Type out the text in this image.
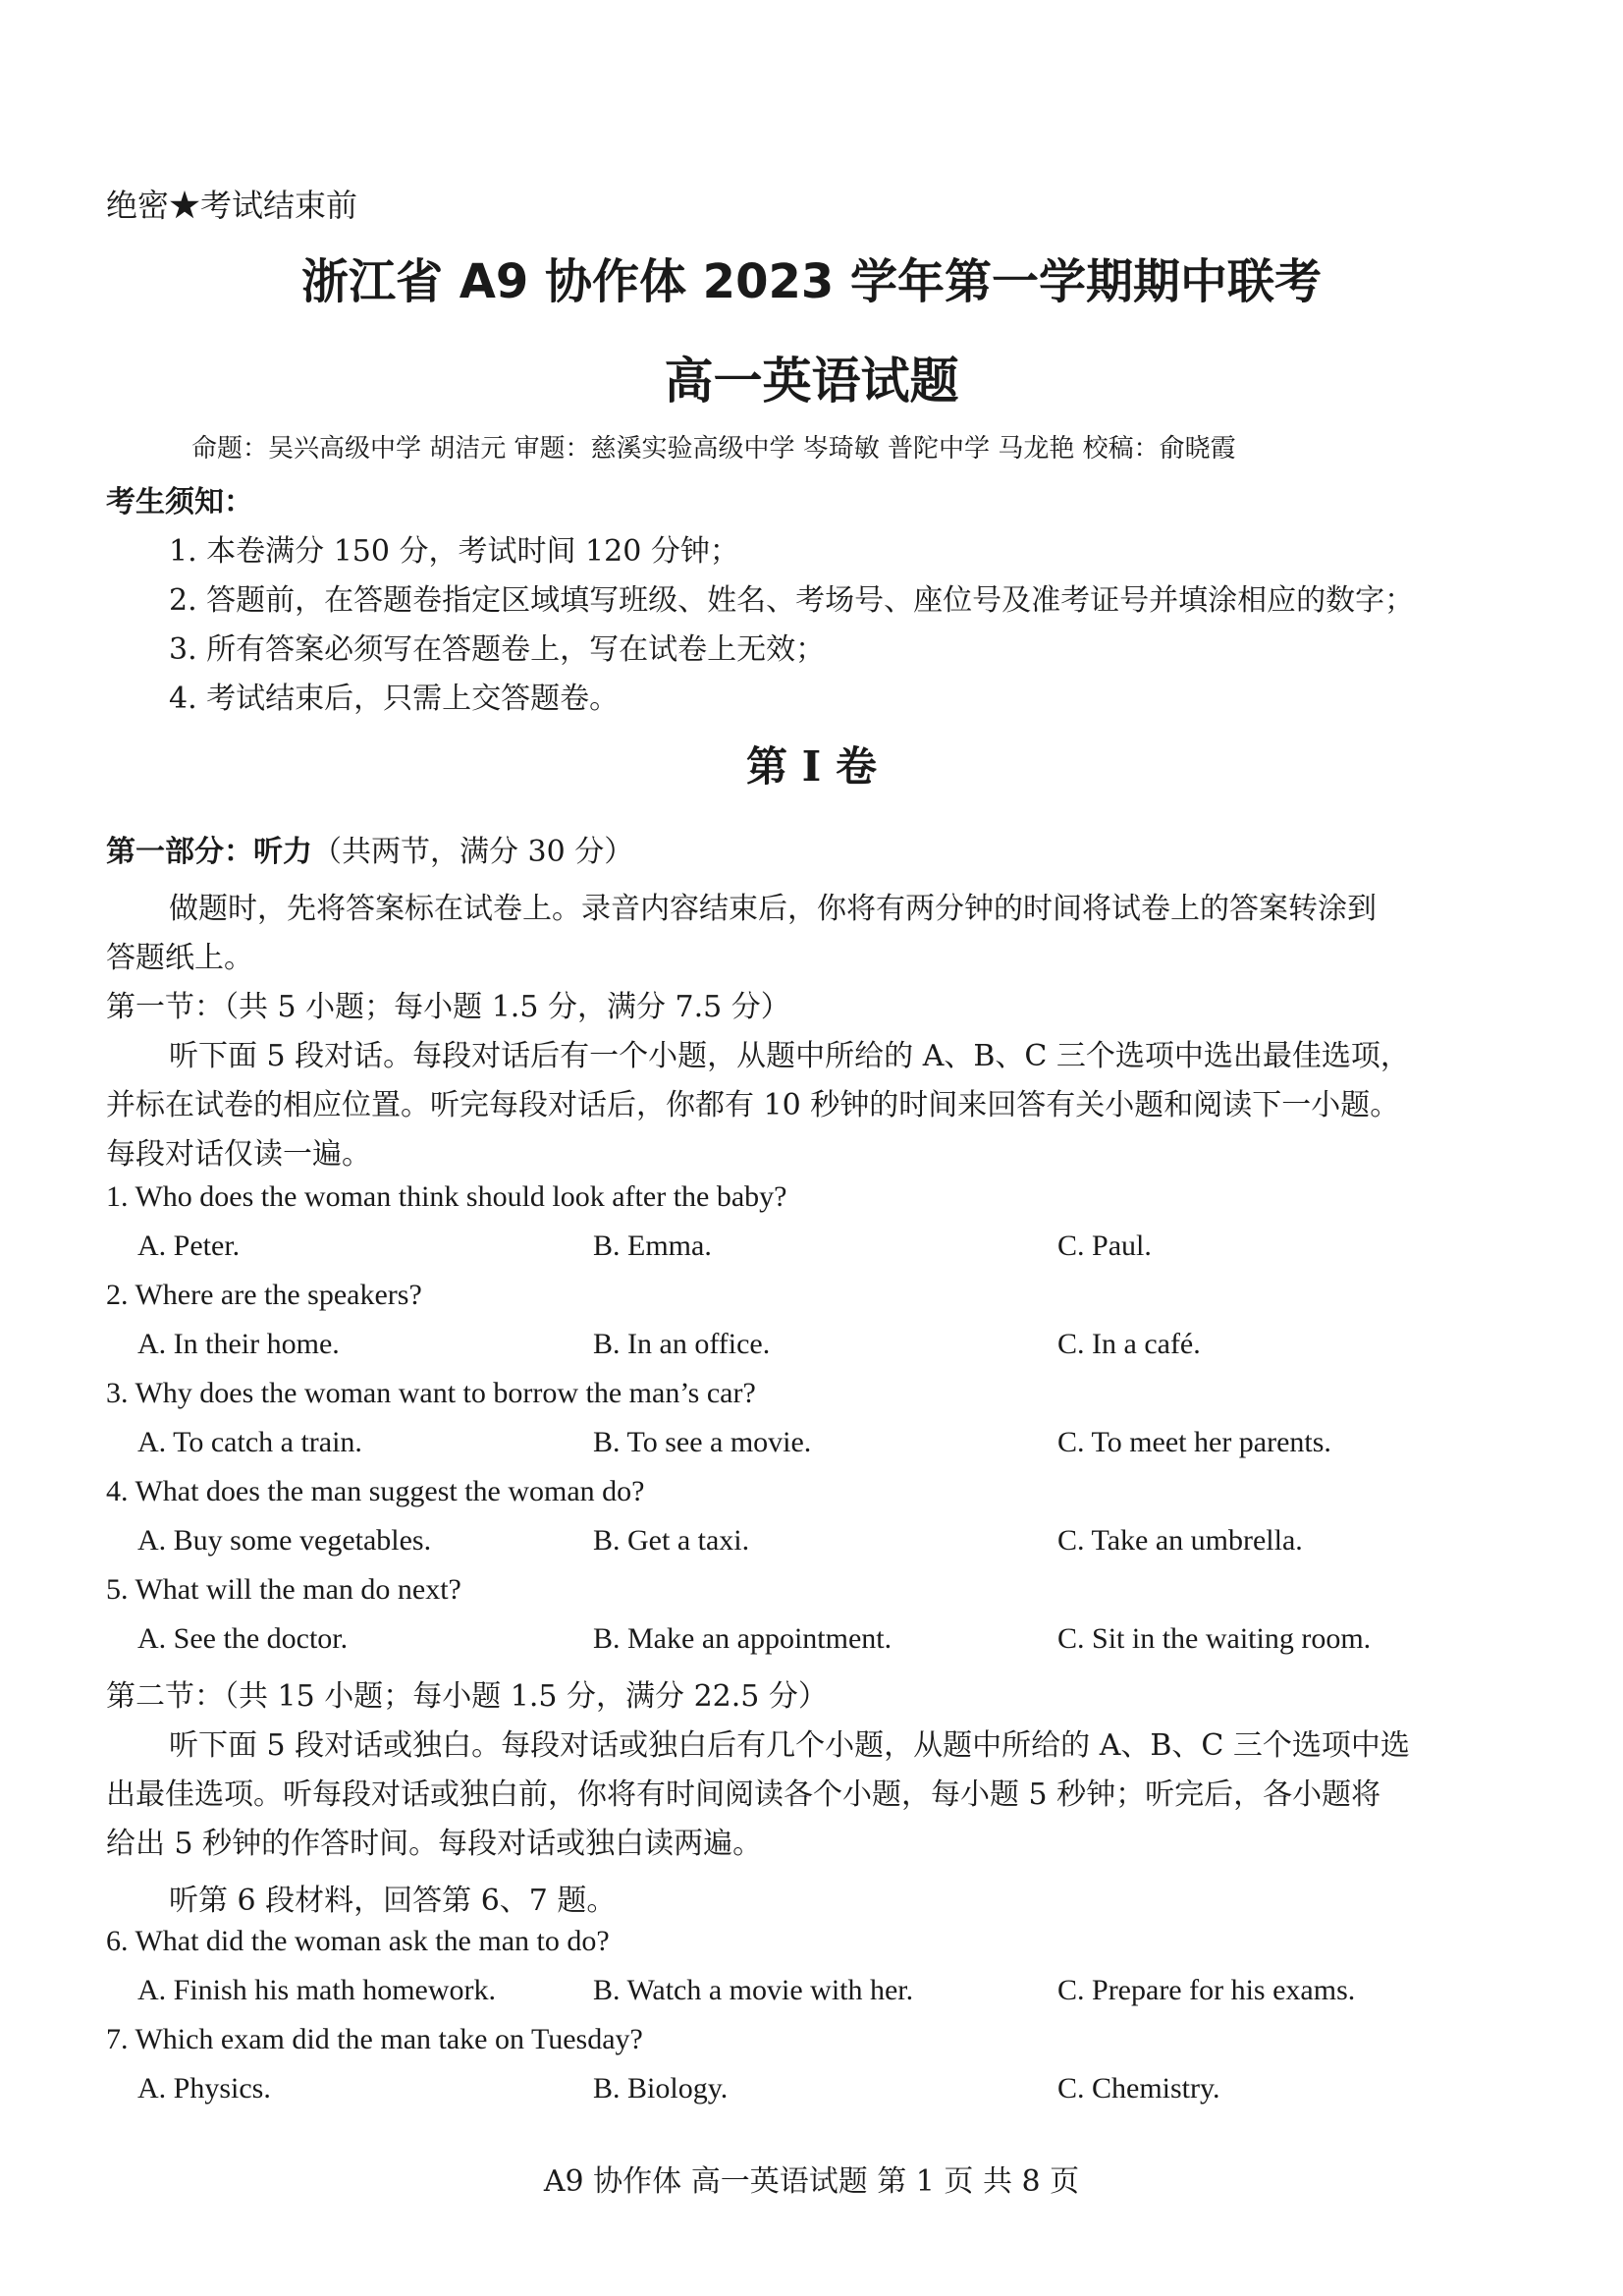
绝密★考试结束前
浙江省 A9 协作体 2023 学年第一学期期中联考
高一英语试题
命题：吴兴高级中学 胡洁元 审题：慈溪实验高级中学 岑琦敏 普陀中学 马龙艳 校稿：俞晓霞
考生须知：
1. 本卷满分 150 分，考试时间 120 分钟；
2. 答题前，在答题卷指定区域填写班级、姓名、考场号、座位号及准考证号并填涂相应的数字；
3. 所有答案必须写在答题卷上，写在试卷上无效；
4. 考试结束后，只需上交答题卷。
第 I 卷
第一部分：听力（共两节，满分 30 分）
做题时，先将答案标在试卷上。录音内容结束后，你将有两分钟的时间将试卷上的答案转涂到
答题纸上。
第一节：（共 5 小题；每小题 1.5 分，满分 7.5 分）
听下面 5 段对话。每段对话后有一个小题，从题中所给的 A、B、C 三个选项中选出最佳选项，
并标在试卷的相应位置。听完每段对话后，你都有 10 秒钟的时间来回答有关小题和阅读下一小题。
每段对话仅读一遍。
1. Who does the woman think should look after the baby?
A. Peter.	B. Emma.	C. Paul.
2. Where are the speakers?
A. In their home.	B. In an office.	C. In a café.
3. Why does the woman want to borrow the man’s car?
A. To catch a train.	B. To see a movie.	C. To meet her parents.
4. What does the man suggest the woman do?
A. Buy some vegetables.	B. Get a taxi.	C. Take an umbrella.
5. What will the man do next?
A. See the doctor.	B. Make an appointment.	C. Sit in the waiting room.
第二节：（共 15 小题；每小题 1.5 分，满分 22.5 分）
听下面 5 段对话或独白。每段对话或独白后有几个小题，从题中所给的 A、B、C 三个选项中选
出最佳选项。听每段对话或独白前，你将有时间阅读各个小题，每小题 5 秒钟；听完后，各小题将
给出 5 秒钟的作答时间。每段对话或独白读两遍。
听第 6 段材料，回答第 6、7 题。
6. What did the woman ask the man to do?
A. Finish his math homework.	B. Watch a movie with her.	C. Prepare for his exams.
7. Which exam did the man take on Tuesday?
A. Physics.	B. Biology.	C. Chemistry.
A9 协作体 高一英语试题 第 1 页 共 8 页
